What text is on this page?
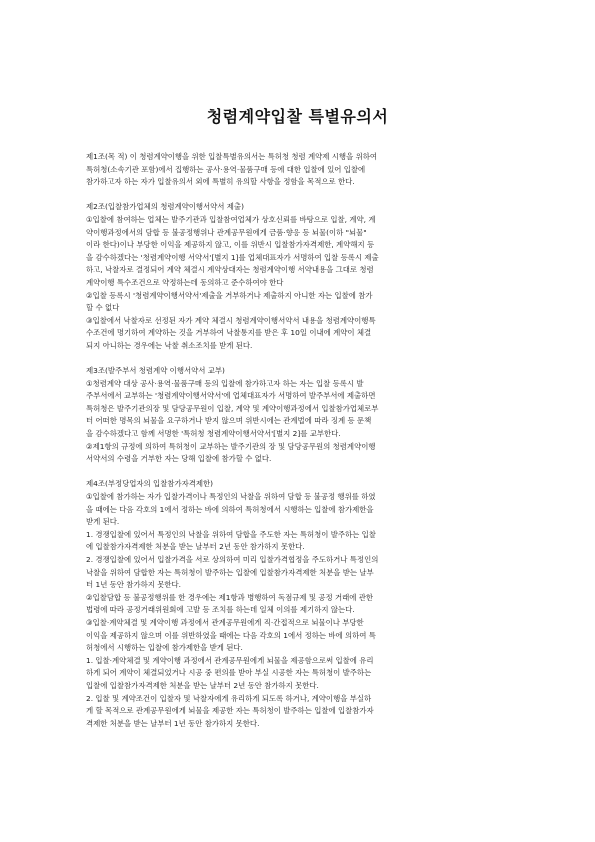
청렴계약입찰 특별유의서
제1조(목 적) 이 청렴계약이행을 위한 입찰특별유의서는 특허청 청렴 계약제 시행을 위하여
특허청(소속기관 포함)에서 집행하는 공사·용역·물품구매 등에 대한 입찰에 있어 입찰에
참가하고자 하는 자가 입찰유의서 외에 특별히 유의할 사항을 정함을 목적으로 한다.
제2조(입찰참가업체의 청렴계약이행서약서 제출)
①입찰에 참여하는 업체는 발주기관과 입찰참여업체가 상호신뢰를 바탕으로 입찰, 계약, 계
약이행과정에서의 담합 등 불공정행위나 관계공무원에게 금품·향응 등 뇌물(이하 "뇌물"
이라 한다)이나 부당한 이익을 제공하지 않고, 이를 위반시 입찰참가자격제한, 계약해지 등
을 감수하겠다는 '청렴계약이행 서약서'[별지 1]를 업체대표자가 서명하여 입찰 등록시 제출
하고, 낙찰자로 결정되어 계약 체결시 계약상대자는 청렴계약이행 서약내용을 그대로 청렴
계약이행 특수조건으로 약정하는데 동의하고 준수하여야 한다
②입찰 등록시 '청렴계약이행서약서'제출을 거부하거나 제출하지 아니한 자는 입찰에 참가
할 수 없다
③입찰에서 낙찰자로 선정된 자가 계약 체결시 청렴계약이행서약서 내용을 청렴계약이행특
수조건에 명기하여 계약하는 것을 거부하여 낙찰통지를 받은 후 10일 이내에 계약이 체결
되지 아니하는 경우에는 낙찰 취소조치를 받게 된다.
제3조(발주부서 청렴계약 이행서약서 교부)
①청렴계약 대상 공사·용역·물품구매 등의 입찰에 참가하고자 하는 자는 입찰 등록시 발
주부서에서 교부하는 '청렴계약이행서약서'에 업체대표자가 서명하여 발주부서에 제출하면
특허청은 발주기관의장 및 담당공무원이 입찰, 계약 및 계약이행과정에서 입찰참가업체로부
터 어떠한 명목의 뇌물을 요구하거나 받지 않으며 위반시에는 관계법에 따라 징계 등 문책
을 감수하겠다고 함께 서명한 '특허청 청렴계약이행서약서'[별지 2]를 교부한다.
②제1항의 규정에 의하여 특허청이 교부하는 발주기관의 장 및 담당공무원의 청렴계약이행
서약서의 수령을 거부한 자는 당해 입찰에 참가할 수 없다.
제4조(부정당업자의 입찰참가자격제한)
①입찰에 참가하는 자가 입찰가격이나 특정인의 낙찰을 위하여 담합 등 불공정 행위를 하였
을 때에는 다음 각호의 1에서 정하는 바에 의하여 특허청에서 시행하는 입찰에 참가제한을
받게 된다.
1. 경쟁입찰에 있어서 특정인의 낙찰을 위하여 담합을 주도한 자는 특허청이 발주하는 입찰
에 입찰참가자격제한 처분을 받는 날부터 2년 동안 참가하지 못한다.
2. 경쟁입찰에 있어서 입찰가격을 서로 상의하여 미리 입찰가격협정을 주도하거나 특정인의
낙찰을 위하여 담합한 자는 특허청이 발주하는 입찰에 입찰참가자격제한 처분을 받는 날부
터 1년 동안 참가하지 못한다.
②입찰담합 등 불공정행위를 한 경우에는 제1항과 병행하여 독점규제 및 공정 거래에 관한
법령에 따라 공정거래위원회에 고발 등 조치를 하는데 일체 이의를 제기하지 않는다.
③입찰·계약체결 및 계약이행 과정에서 관계공무원에게 직·간접적으로 뇌물이나 부당한
이익을 제공하지 않으며 이를 위반하였을 때에는 다음 각호의 1에서 정하는 바에 의하여 특
허청에서 시행하는 입찰에 참가제한을 받게 된다.
1. 입찰·계약체결 및 계약이행 과정에서 관계공무원에게 뇌물을 제공함으로써 입찰에 유리
하게 되어 계약이 체결되었거나 시공 중 편의를 받아 부실 시공한 자는 특허청이 발주하는
입찰에 입찰참가자격제한 처분을 받는 날부터 2년 동안 참가하지 못한다.
2. 입찰 및 계약조건이 입찰자 및 낙찰자에게 유리하게 되도록 하거나, 계약이행을 부실하
게 할 목적으로 관계공무원에게 뇌물을 제공한 자는 특허청이 발주하는 입찰에 입찰참가자
격제한 처분을 받는 날부터 1년 동안 참가하지 못한다.
